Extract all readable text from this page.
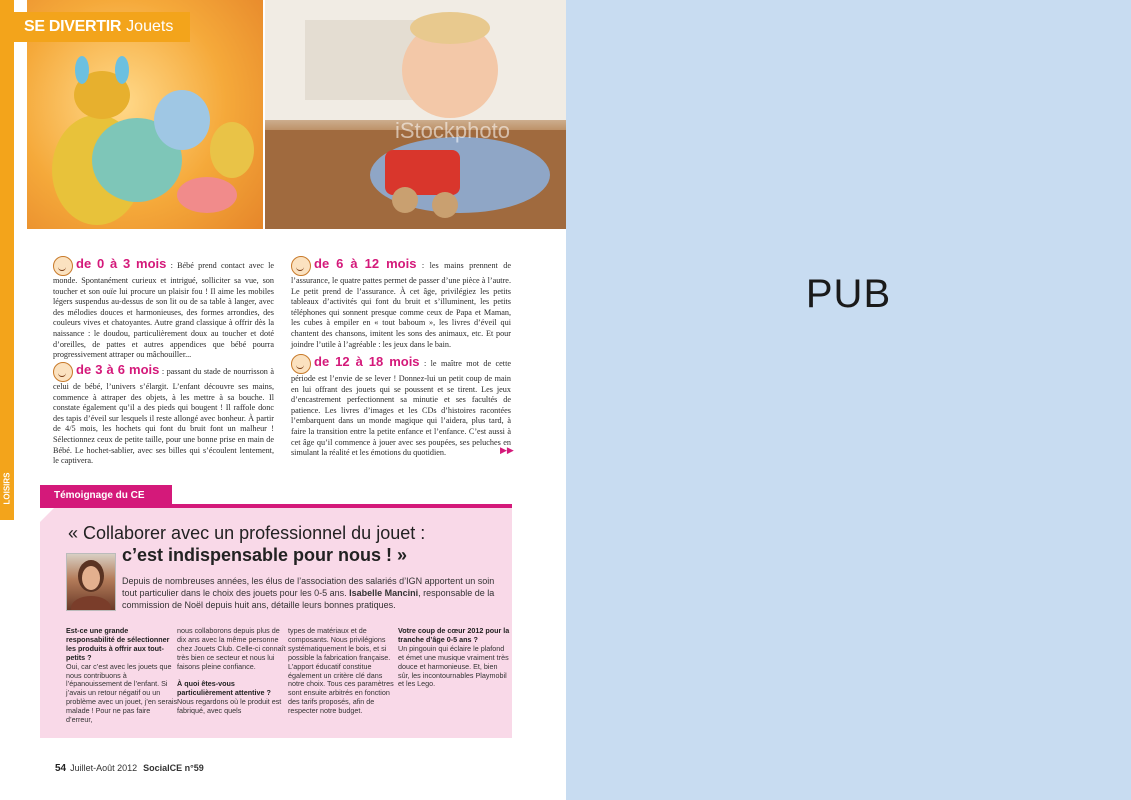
LOISIRS
iStockphoto
SE DIVERTIR Jouets
de 0 à 3 mois : Bébé prend contact avec le monde. Spontanément curieux et intrigué, solliciter sa vue, son toucher et son ouïe lui procure un plaisir fou ! Il aime les mobiles légers suspendus au-dessus de son lit ou de sa table à langer, avec des mélodies douces et harmonieuses, des formes arrondies, des couleurs vives et chatoyantes. Autre grand classique à offrir dès la naissance : le doudou, particulièrement doux au toucher et doté d’oreilles, de pattes et autres appendices que bébé pourra progressivement attraper ou mâchouiller...
de 3 à 6 mois : passant du stade de nourrisson à celui de bébé, l’univers s’élargit. L’enfant découvre ses mains, commence à attraper des objets, à les mettre à sa bouche. Il constate également qu’il a des pieds qui bougent ! Il raffole donc des tapis d’éveil sur lesquels il reste allongé avec bonheur. À partir de 4/5 mois, les hochets qui font du bruit font un malheur ! Sélectionnez ceux de petite taille, pour une bonne prise en main de Bébé. Le hochet-sablier, avec ses billes qui s’écoulent lentement, le captivera.
de 6 à 12 mois : les mains prennent de l’assurance, le quatre pattes permet de passer d’une pièce à l’autre. Le petit prend de l’assurance. À cet âge, privilégiez les petits tableaux d’activités qui font du bruit et s’illuminent, les petits téléphones qui sonnent presque comme ceux de Papa et Maman, les cubes à empiler en « tout baboum », les livres d’éveil qui chantent des chansons, imitent les sons des animaux, etc. Et pour joindre l’utile à l’agréable : les jeux dans le bain.
de 12 à 18 mois : le maître mot de cette période est l’envie de se lever ! Donnez-lui un petit coup de main en lui offrant des jouets qui se poussent et se tirent. Les jeux d’encastrement perfectionnent sa minutie et ses facultés de patience. Les livres d’images et les CDs d’histoires racontées l’embarquent dans un monde magique qui l’aidera, plus tard, à faire la transition entre la petite enfance et l’enfance. C’est aussi à cet âge qu’il commence à jouer avec ses poupées, ses peluches en simulant la réalité et les émotions du quotidien.	▶▶
Témoignage du CE
« Collaborer avec un professionnel du jouet :
c’est indispensable pour nous ! »
Depuis de nombreuses années, les élus de l’association des salariés d’IGN apportent un soin tout particulier dans le choix des jouets pour les 0-5 ans. Isabelle Mancini, responsable de la commission de Noël depuis huit ans, détaille leurs bonnes pratiques.
Est-ce une grande responsabilité de sélectionner les produits à offrir aux tout-petits ?
Oui, car c’est avec les jouets que nous contribuons à l’épanouissement de l’enfant. Si j’avais un retour négatif ou un problème avec un jouet, j’en serais malade ! Pour ne pas faire d’erreur,
nous collaborons depuis plus de dix ans avec la même personne chez Jouets Club. Celle-ci connaît très bien ce secteur et nous lui faisons pleine confiance.

À quoi êtes-vous particulièrement attentive ?
Nous regardons où le produit est fabriqué, avec quels
types de matériaux et de composants. Nous privilégions systématiquement le bois, et si possible la fabrication française. L’apport éducatif constitue également un critère clé dans notre choix. Tous ces paramètres sont ensuite arbitrés en fonction des tarifs proposés, afin de respecter notre budget.
Votre coup de cœur 2012 pour la tranche d’âge 0-5 ans ?
Un pingouin qui éclaire le plafond et émet une musique vraiment très douce et harmonieuse. Et, bien sûr, les incontournables Playmobil et les Lego.
54 Juillet-Août 2012 SocialCE n°59
PUB
